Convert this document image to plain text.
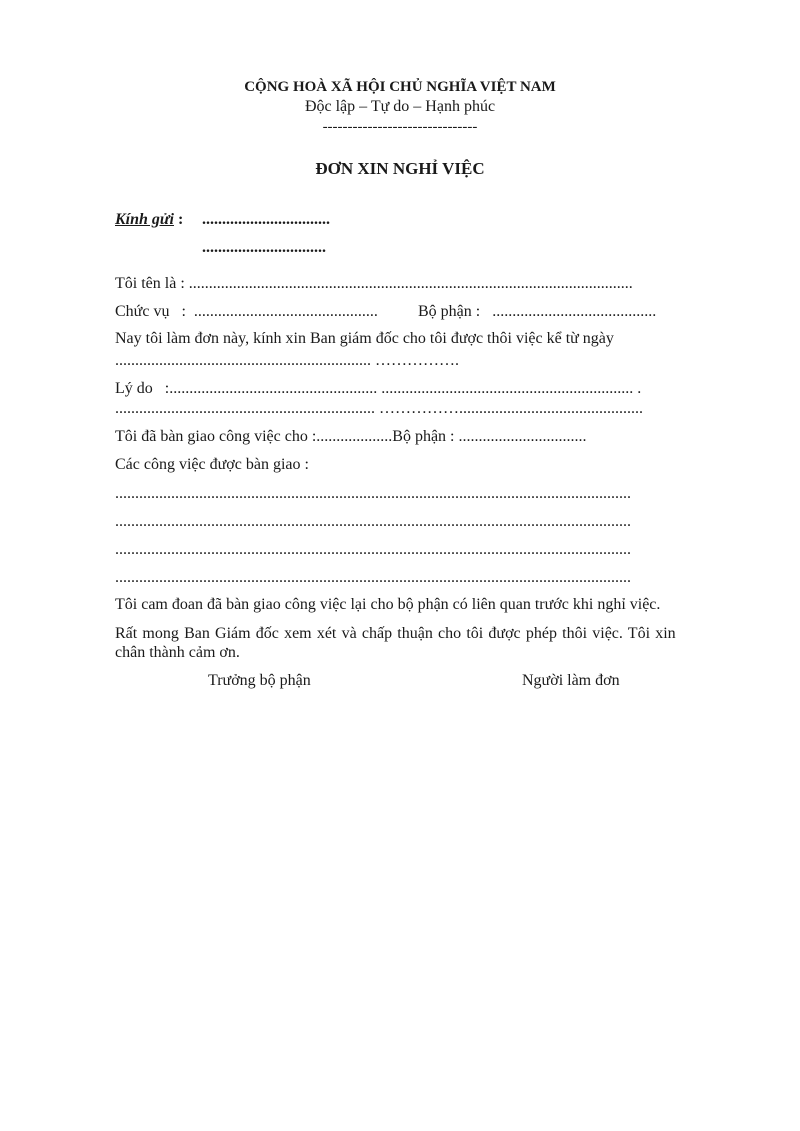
CỘNG HOÀ XÃ HỘI CHỦ NGHĨA VIỆT NAM
Độc lập – Tự do – Hạnh phúc
-------------------------------
ĐƠN XIN NGHỈ VIỆC
Kính gửi : ................................
...............................
Tôi tên là : ...............................................................................................................
Chức vụ   :  ..............................................	Bộ phận :   .........................................
Nay tôi làm đơn này, kính xin Ban giám đốc cho tôi được thôi việc kể từ ngày
................................................................ …………….
Lý do   :.................................................... ............................................................... .
................................................................. ……………..............................................
Tôi đã bàn giao công việc cho :...................Bộ phận : ................................
Các công việc được bàn giao :
.................................................................................................................................
.................................................................................................................................
.................................................................................................................................
.................................................................................................................................
Tôi cam đoan đã bàn giao công việc lại cho bộ phận có liên quan trước khi nghỉ việc.
Rất mong Ban Giám đốc xem xét và chấp thuận cho tôi được phép thôi việc. Tôi xin
chân thành cảm ơn.
Trưởng bộ phận	Người làm đơn
